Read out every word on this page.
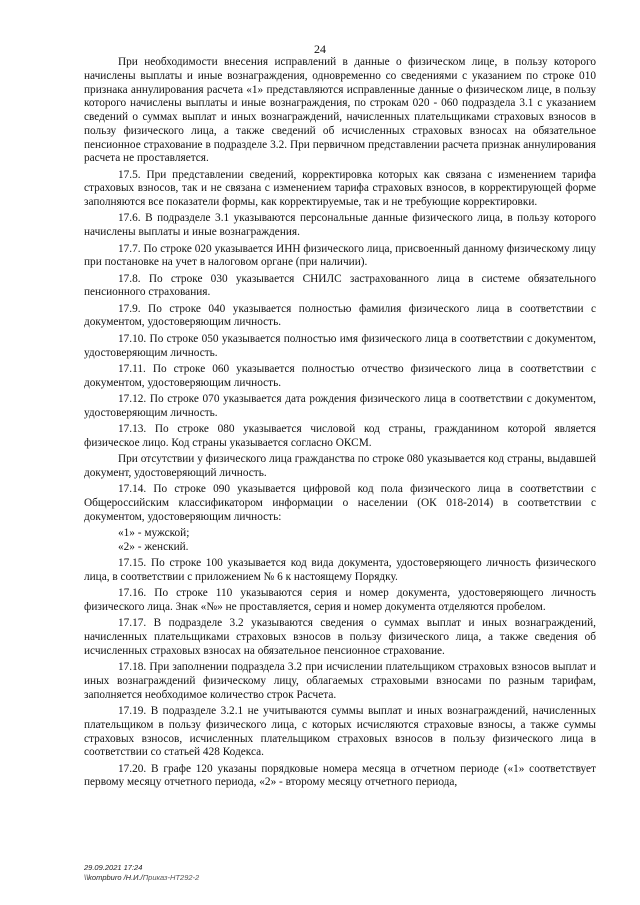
24

При необходимости внесения исправлений в данные о физическом лице, в пользу которого начислены выплаты и иные вознаграждения, одновременно со сведениями с указанием по строке 010 признака аннулирования расчета «1» представляются исправленные данные о физическом лице, в пользу которого начислены выплаты и иные вознаграждения, по строкам 020 - 060 подраздела 3.1 с указанием сведений о суммах выплат и иных вознаграждений, начисленных плательщиками страховых взносов в пользу физического лица, а также сведений об исчисленных страховых взносах на обязательное пенсионное страхование в подразделе 3.2. При первичном представлении расчета признак аннулирования расчета не проставляется.

17.5. При представлении сведений, корректировка которых как связана с изменением тарифа страховых взносов, так и не связана с изменением тарифа страховых взносов, в корректирующей форме заполняются все показатели формы, как корректируемые, так и не требующие корректировки.

17.6. В подразделе 3.1 указываются персональные данные физического лица, в пользу которого начислены выплаты и иные вознаграждения.

17.7. По строке 020 указывается ИНН физического лица, присвоенный данному физическому лицу при постановке на учет в налоговом органе (при наличии).

17.8. По строке 030 указывается СНИЛС застрахованного лица в системе обязательного пенсионного страхования.

17.9. По строке 040 указывается полностью фамилия физического лица в соответствии с документом, удостоверяющим личность.

17.10. По строке 050 указывается полностью имя физического лица в соответствии с документом, удостоверяющим личность.

17.11. По строке 060 указывается полностью отчество физического лица в соответствии с документом, удостоверяющим личность.

17.12. По строке 070 указывается дата рождения физического лица в соответствии с документом, удостоверяющим личность.

17.13. По строке 080 указывается числовой код страны, гражданином которой является физическое лицо. Код страны указывается согласно ОКСМ.

При отсутствии у физического лица гражданства по строке 080 указывается код страны, выдавшей документ, удостоверяющий личность.

17.14. По строке 090 указывается цифровой код пола физического лица в соответствии с Общероссийским классификатором информации о населении (ОК 018-2014) в соответствии с документом, удостоверяющим личность:

«1» - мужской;

«2» - женский.

17.15. По строке 100 указывается код вида документа, удостоверяющего личность физического лица, в соответствии с приложением № 6 к настоящему Порядку.

17.16. По строке 110 указываются серия и номер документа, удостоверяющего личность физического лица. Знак «№» не проставляется, серия и номер документа отделяются пробелом.

17.17. В подразделе 3.2 указываются сведения о суммах выплат и иных вознаграждений, начисленных плательщиками страховых взносов в пользу физического лица, а также сведения об исчисленных страховых взносах на обязательное пенсионное страхование.

17.18. При заполнении подраздела 3.2 при исчислении плательщиком страховых взносов выплат и иных вознаграждений физическому лицу, облагаемых страховыми взносами по разным тарифам, заполняется необходимое количество строк Расчета.

17.19. В подразделе 3.2.1 не учитываются суммы выплат и иных вознаграждений, начисленных плательщиком в пользу физического лица, с которых исчисляются страховые взносы, а также суммы страховых взносов, исчисленных плательщиком страховых взносов в пользу физического лица в соответствии со статьей 428 Кодекса.

17.20. В графе 120 указаны порядковые номера месяца в отчетном периоде («1» соответствует первому месяцу отчетного периода, «2» - второму месяцу отчетного периода,

29.09.2021 17:24
\\kompburo /Н.И./Приказ-НТ292-2
